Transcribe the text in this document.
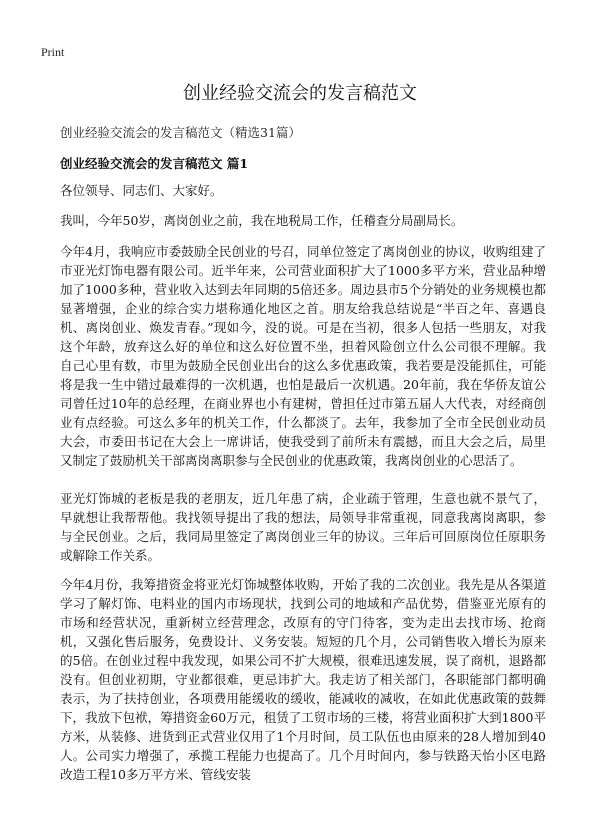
Print
创业经验交流会的发言稿范文
创业经验交流会的发言稿范文（精选31篇）
创业经验交流会的发言稿范文 篇1

各位领导、同志们、大家好。

我叫，今年50岁，离岗创业之前，我在地税局工作，任稽查分局副局长。

今年4月，我响应市委鼓励全民创业的号召，同单位签定了离岗创业的协议，收购组建了市亚光灯饰电器有限公司。近半年来，公司营业面积扩大了1000多平方米，营业品种增加了1000多种，营业收入达到去年同期的5倍还多。周边县市5个分销处的业务规模也都显著增强，企业的综合实力堪称通化地区之首。朋友给我总结说是“半百之年、喜遇良机、离岗创业、焕发青春。”现如今，没的说。可是在当初，很多人包括一些朋友，对我这个年龄，放弃这么好的单位和这么好位置不坐，担着风险创立什么公司很不理解。我自己心里有数，市里为鼓励全民创业出台的这么多优惠政策，我若要是没能抓住，可能将是我一生中错过最难得的一次机遇，也怕是最后一次机遇。20年前，我在华侨友谊公司曾任过10年的总经理，在商业界也小有建树，曾担任过市第五届人大代表，对经商创业有点经验。可这么多年的机关工作，什么都淡了。去年，我参加了全市全民创业动员大会，市委田书记在大会上一席讲话，使我受到了前所未有震撼，而且大会之后，局里又制定了鼓励机关干部离岗离职参与全民创业的优惠政策，我离岗创业的心思活了。

亚光灯饰城的老板是我的老朋友，近几年患了病，企业疏于管理，生意也就不景气了，早就想让我帮帮他。我找领导提出了我的想法，局领导非常重视，同意我离岗离职，参与全民创业。之后，我同局里签定了离岗创业三年的协议。三年后可回原岗位任原职务或解除工作关系。

今年4月份，我筹措资金将亚光灯饰城整体收购，开始了我的二次创业。我先是从各渠道学习了解灯饰、电料业的国内市场现状，找到公司的地域和产品优势，借鉴亚光原有的市场和经营状况，重新树立经营理念，改原有的守门待客，变为走出去找市场、抢商机，又强化售后服务，免费设计、义务安装。短短的几个月，公司销售收入增长为原来的5倍。在创业过程中我发现，如果公司不扩大规模，很难迅速发展，误了商机，退路都没有。但创业初期，守业都很难，更忌讳扩大。我走访了相关部门，各职能部门都明确表示，为了扶持创业，各项费用能缓收的缓收，能减收的减收，在如此优惠政策的鼓舞下，我放下包袱，筹措资金60万元，租赁了工贸市场的三楼，将营业面积扩大到1800平方米，从装修、进货到正式营业仅用了1个月时间，员工队伍也由原来的28人增加到40人。公司实力增强了，承揽工程能力也提高了。几个月时间内，参与铁路天怡小区电路改造工程10多万平方米、管线安装
